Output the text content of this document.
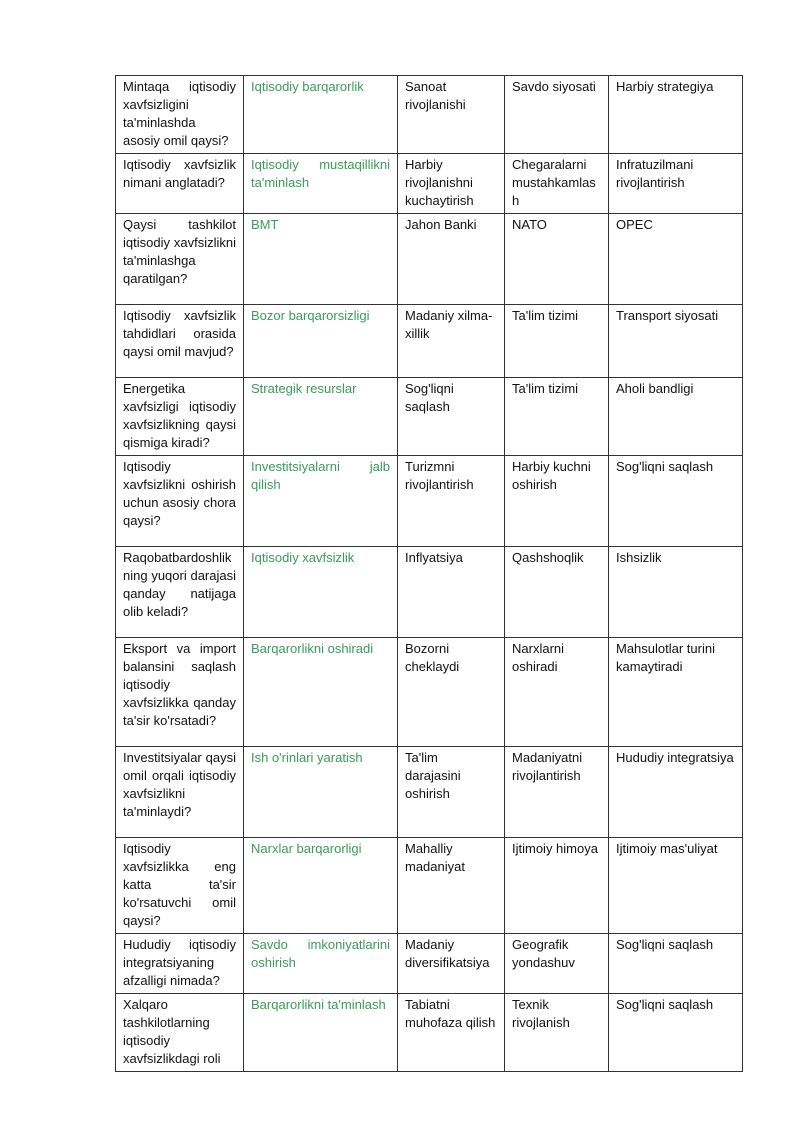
Mintaqa iqtisodiy xavfsizligini ta'minlashda asosiy omil qaysi?	Iqtisodiy barqarorlik	Sanoat rivojlanishi	Savdo siyosati	Harbiy strategiya
Iqtisodiy xavfsizlik nimani anglatadi?	Iqtisodiy mustaqillikni ta'minlash	Harbiy rivojlanishni kuchaytirish	Chegaralarni mustahkamlash	Infratuzilmani rivojlantirish
Qaysi tashkilot iqtisodiy xavfsizlikni ta'minlashga qaratilgan?	BMT	Jahon Banki	NATO	OPEC
Iqtisodiy xavfsizlik tahdidlari orasida qaysi omil mavjud?	Bozor barqarorsizligi	Madaniy xilma-xillik	Ta'lim tizimi	Transport siyosati
Energetika xavfsizligi iqtisodiy xavfsizlikning qaysi qismiga kiradi?	Strategik resurslar	Sog'liqni saqlash	Ta'lim tizimi	Aholi bandligi
Iqtisodiy xavfsizlikni oshirish uchun asosiy chora qaysi?	Investitsiyalarni jalb qilish	Turizmni rivojlantirish	Harbiy kuchni oshirish	Sog'liqni saqlash
Raqobatbardoshlikning yuqori darajasi qanday natijaga olib keladi?	Iqtisodiy xavfsizlik	Inflyatsiya	Qashshoqlik	Ishsizlik
Eksport va import balansini saqlash iqtisodiy xavfsizlikka qanday ta'sir ko'rsatadi?	Barqarorlikni oshiradi	Bozorni cheklaydi	Narxlarni oshiradi	Mahsulotlar turini kamaytiradi
Investitsiyalar qaysi omil orqali iqtisodiy xavfsizlikni ta'minlaydi?	Ish o'rinlari yaratish	Ta'lim darajasini oshirish	Madaniyatni rivojlantirish	Hududiy integratsiya
Iqtisodiy xavfsizlikka eng katta ta'sir ko'rsatuvchi omil qaysi?	Narxlar barqarorligi	Mahalliy madaniyat	Ijtimoiy himoya	Ijtimoiy mas'uliyat
Hududiy iqtisodiy integratsiyaning afzalligi nimada?	Savdo imkoniyatlarini oshirish	Madaniy diversifikatsiya	Geografik yondashuv	Sog'liqni saqlash
Xalqaro tashkilotlarning iqtisodiy xavfsizlikdagi roli	Barqarorlikni ta'minlash	Tabiatni muhofaza qilish	Texnik rivojlanish	Sog'liqni saqlash
